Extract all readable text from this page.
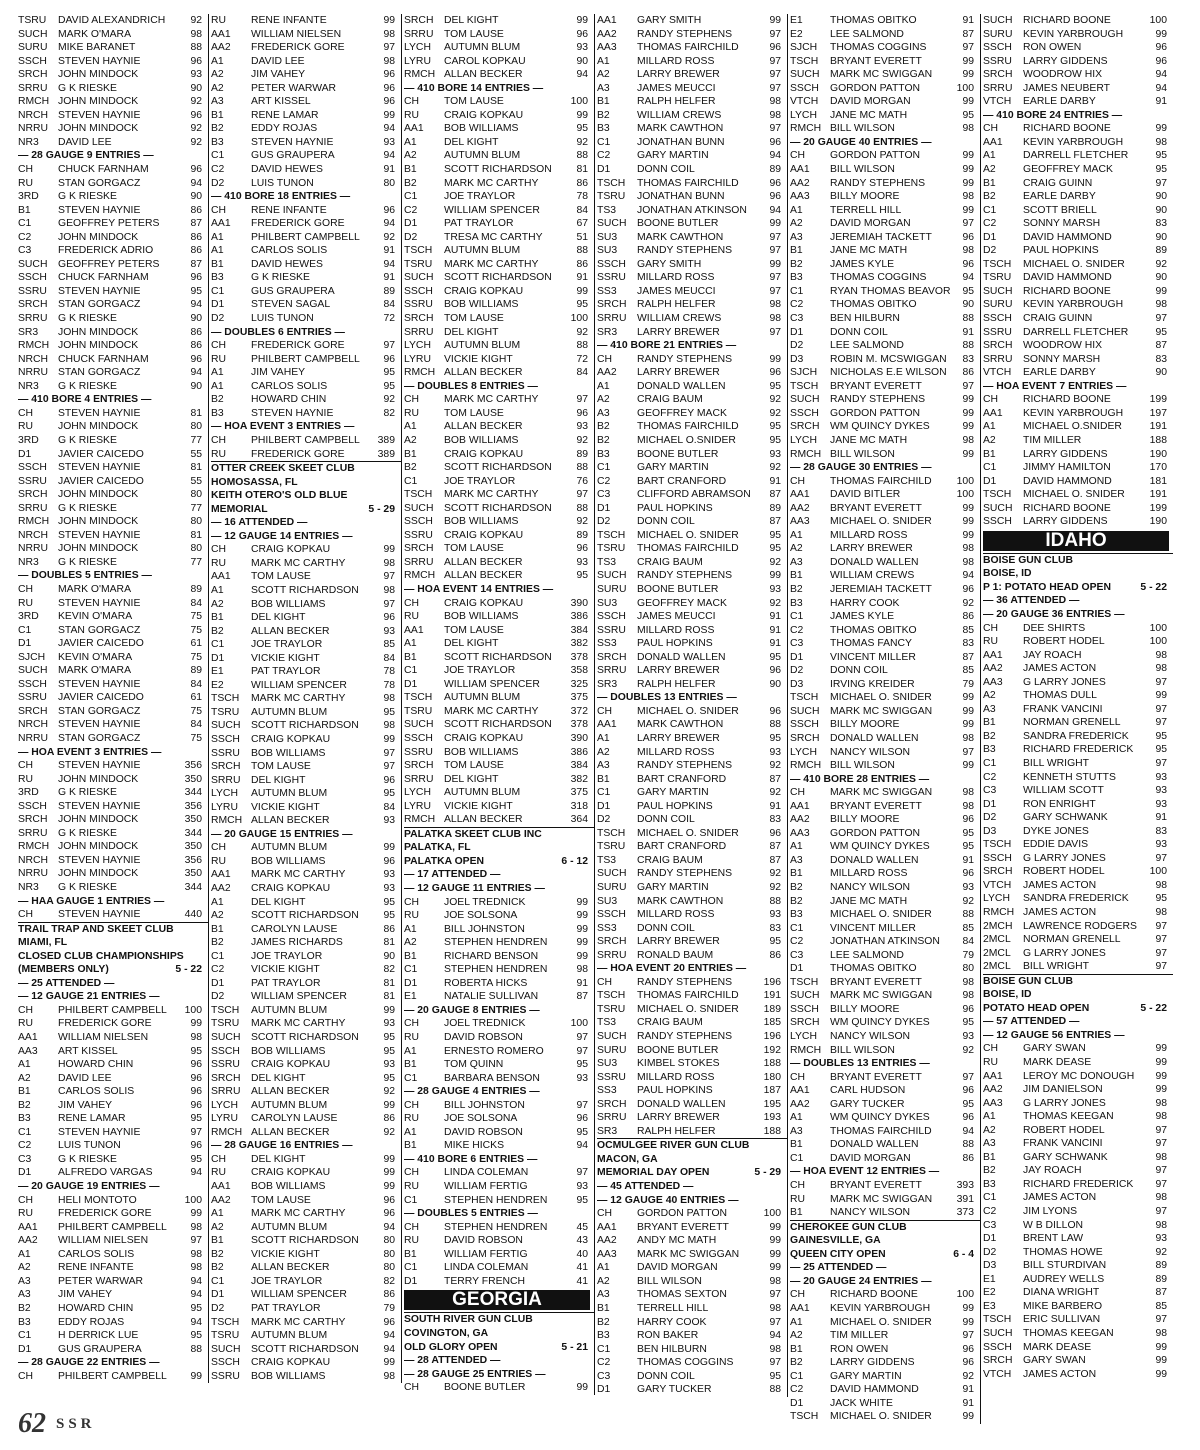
TSRU DAVID ALEXANDRICH 92
SUCH MARK O'MARA	98
SURU MIKE BARANET	88
SSCH STEVEN HAYNIE	96
SRCH JOHN MINDOCK	93
SRRU G K RIESKE	90
RMCH JOHN MINDOCK	92
NRCH STEVEN HAYNIE	96
NRRU JOHN MINDOCK	92
NR3 DAVID LEE	92
— 28 GAUGE 9 ENTRIES —
CH CHUCK FARNHAM	96
RU STAN GORGACZ	94
3RD G K RIESKE	90
B1	STEVEN HAYNIE	86
C1	GEOFFREY PETERS	87
C2	JOHN MINDOCK	86
C3	FREDERICK ADRIO	86
SUCH GEOFFREY PETERS	87
SSCH CHUCK FARNHAM	96
SSRU STEVEN HAYNIE	95
SRCH STAN GORGACZ	94
SRRU G K RIESKE	90
SR3 JOHN MINDOCK	86
RMCH JOHN MINDOCK	86
NRCH CHUCK FARNHAM	96
NRRU STAN GORGACZ	94
NR3 G K RIESKE	90
— 410 BORE 4 ENTRIES —
CH STEVEN HAYNIE	81
RU JOHN MINDOCK	80
3RD G K RIESKE	77
D1	JAVIER CAICEDO	55
SSCH STEVEN HAYNIE	81
SSRU JAVIER CAICEDO	55
SRCH JOHN MINDOCK	80
SRRU G K RIESKE	77
RMCH JOHN MINDOCK	80
NRCH STEVEN HAYNIE	81
NRRU JOHN MINDOCK	80
NR3 G K RIESKE	77
— DOUBLES 5 ENTRIES —
CH MARK O'MARA	89
RU STEVEN HAYNIE	84
3RD KEVIN O'MARA	75
C1	STAN GORGACZ	75
D1	JAVIER CAICEDO	61
SJCH KEVIN O'MARA	75
SUCH MARK O'MARA	89
SSCH STEVEN HAYNIE	84
SSRU JAVIER CAICEDO	61
SRCH STAN GORGACZ	75
NRCH STEVEN HAYNIE	84
NRRU STAN GORGACZ	75
— HOA EVENT 3 ENTRIES —
CH STEVEN HAYNIE	356
RU JOHN MINDOCK	350
3RD G K RIESKE	344
SSCH STEVEN HAYNIE	356
SRCH JOHN MINDOCK	350
SRRU G K RIESKE	344
RMCH JOHN MINDOCK	350
NRCH STEVEN HAYNIE	356
NRRU JOHN MINDOCK	350
NR3 G K RIESKE	344
— HAA GAUGE 1 ENTRIES —
CH STEVEN HAYNIE	440
TRAIL TRAP AND SKEET CLUB
MIAMI, FL
CLOSED CLUB CHAMPIONSHIPS
(MEMBERS ONLY)	5 - 22
— 25 ATTENDED —
— 12 GAUGE 21 ENTRIES —
CH PHILBERT CAMPBELL 100
RU FREDERICK GORE	99
AA1 WILLIAM NIELSEN	98
AA3 ART KISSEL	95
A1	HOWARD CHIN	96
A2	DAVID LEE	96
B1	CARLOS SOLIS	96
B2	JIM VAHEY	96
B3	RENE LAMAR	95
C1	STEVEN HAYNIE	97
C2	LUIS TUNON	96
C3	G K RIESKE	95
D1	ALFREDO VARGAS	94
— 20 GAUGE 19 ENTRIES —
CH HELI MONTOTO	100
RU FREDERICK GORE	99
AA1 PHILBERT CAMPBELL 98
AA2 WILLIAM NIELSEN	97
A1	CARLOS SOLIS	98
A2	RENE INFANTE	98
A3	PETER WARWAR	94
A3	JIM VAHEY	94
B2	HOWARD CHIN	95
B3	EDDY ROJAS	94
C1	H DERRICK LUE	95
D1	GUS GRAUPERA	88
— 28 GAUGE 22 ENTRIES —
CH PHILBERT CAMPBELL 99
RU RENE INFANTE	99
AA1 WILLIAM NIELSEN	98
AA2 FREDERICK GORE	97
A1	DAVID LEE	98
A2	JIM VAHEY	96
A2	PETER WARWAR	96
A3	ART KISSEL	96
B1	RENE LAMAR	99
B2	EDDY ROJAS	94
B3	STEVEN HAYNIE	93
C1	GUS GRAUPERA	94
C2	DAVID HEWES	91
D2	LUIS TUNON	80
— 410 BORE 18 ENTRIES —
CH RENE INFANTE	96
AA1 FREDERICK GORE	94
A1	PHILBERT CAMPBELL 92
A1	CARLOS SOLIS	91
B1	DAVID HEWES	94
B3	G K RIESKE	91
C1	GUS GRAUPERA	89
D1	STEVEN SAGAL	84
D2	LUIS TUNON	72
— DOUBLES 6 ENTRIES —
CH FREDERICK GORE	97
RU PHILBERT CAMPBELL 96
A1	JIM VAHEY	95
A1	CARLOS SOLIS	95
B2	HOWARD CHIN	92
B3	STEVEN HAYNIE	82
— HOA EVENT 3 ENTRIES —
CH PHILBERT CAMPBELL 389
RU FREDERICK GORE	389
OTTER CREEK SKEET CLUB
HOMOSASSA, FL
KEITH OTERO'S OLD BLUE
MEMORIAL	5 - 29
— 16 ATTENDED —
— 12 GAUGE 14 ENTRIES —
CH CRAIG KOPKAU	99
RU MARK MC CARTHY	98
AA1 TOM LAUSE	97
A1	SCOTT RICHARDSON 98
A2	BOB WILLIAMS	97
B1	DEL KIGHT	96
B2	ALLAN BECKER	93
C1	JOE TRAYLOR	85
D1	VICKIE KIGHT	84
E1	PAT TRAYLOR	78
E2	WILLIAM SPENCER	78
TSCH MARK MC CARTHY	98
TSRU AUTUMN BLUM	95
SUCH SCOTT RICHARDSON 98
SSCH CRAIG KOPKAU	99
SSRU BOB WILLIAMS	97
SRCH TOM LAUSE	97
SRRU DEL KIGHT	96
LYCH AUTUMN BLUM	95
LYRU VICKIE KIGHT	84
RMCH ALLAN BECKER	93
— 20 GAUGE 15 ENTRIES —
CH AUTUMN BLUM	99
RU BOB WILLIAMS	96
AA1 MARK MC CARTHY	93
AA2 CRAIG KOPKAU	93
A1	DEL KIGHT	95
A2	SCOTT RICHARDSON 95
B1	CAROLYN LAUSE	86
B2	JAMES RICHARDS	81
C1	JOE TRAYLOR	90
C2	VICKIE KIGHT	82
D1	PAT TRAYLOR	81
D2	WILLIAM SPENCER	81
TSCH AUTUMN BLUM	99
TSRU MARK MC CARTHY	93
SUCH SCOTT RICHARDSON 95
SSCH BOB WILLIAMS	95
SSRU CRAIG KOPKAU	93
SRCH DEL KIGHT	95
SRRU ALLAN BECKER	92
LYCH AUTUMN BLUM	99
LYRU CAROLYN LAUSE	86
RMCH ALLAN BECKER	92
— 28 GAUGE 16 ENTRIES —
CH DEL KIGHT	99
RU CRAIG KOPKAU	99
AA1 BOB WILLIAMS	99
AA2 TOM LAUSE	96
A1	MARK MC CARTHY	96
A2	AUTUMN BLUM	94
B1	SCOTT RICHARDSON 80
B2	VICKIE KIGHT	80
B2	ALLAN BECKER	80
C1	JOE TRAYLOR	82
D1	WILLIAM SPENCER	86
D2	PAT TRAYLOR	79
TSCH MARK MC CARTHY	96
TSRU AUTUMN BLUM	94
SUCH SCOTT RICHARDSON 94
SSCH CRAIG KOPKAU	99
SSRU BOB WILLIAMS	98
SRCH DEL KIGHT	99
SRRU TOM LAUSE	96
LYCH AUTUMN BLUM	93
LYRU CAROL KOPKAU	90
RMCH ALLAN BECKER	94
— 410 BORE 14 ENTRIES —
CH TOM LAUSE	100
RU CRAIG KOPKAU	99
AA1 BOB WILLIAMS	95
A1	DEL KIGHT	92
A2	AUTUMN BLUM	88
B1	SCOTT RICHARDSON 81
B2	MARK MC CARTHY	86
C1	JOE TRAYLOR	78
C2	WILLIAM SPENCER	84
D1	PAT TRAYLOR	67
D2	TRESA MC CARTHY	51
TSCH AUTUMN BLUM	88
TSRU MARK MC CARTHY	86
SUCH SCOTT RICHARDSON 91
SSCH CRAIG KOPKAU	99
SSRU BOB WILLIAMS	95
SRCH TOM LAUSE	100
SRRU DEL KIGHT	92
LYCH AUTUMN BLUM	88
LYRU VICKIE KIGHT	72
RMCH ALLAN BECKER	84
— DOUBLES 8 ENTRIES —
CH MARK MC CARTHY	97
RU TOM LAUSE	96
A1	ALLAN BECKER	93
A2	BOB WILLIAMS	92
B1	CRAIG KOPKAU	89
B2	SCOTT RICHARDSON 88
C1	JOE TRAYLOR	76
TSCH MARK MC CARTHY	97
SUCH SCOTT RICHARDSON 88
SSCH BOB WILLIAMS	92
SSRU CRAIG KOPKAU	89
SRCH TOM LAUSE	96
SRRU ALLAN BECKER	93
RMCH ALLAN BECKER	95
— HOA EVENT 14 ENTRIES —
CH CRAIG KOPKAU	390
RU BOB WILLIAMS	386
AA1 TOM LAUSE	384
A1	DEL KIGHT	382
B1	SCOTT RICHARDSON 378
C1	JOE TRAYLOR	358
D1	WILLIAM SPENCER	325
TSCH AUTUMN BLUM	375
TSRU MARK MC CARTHY	372
SUCH SCOTT RICHARDSON 378
SSCH CRAIG KOPKAU	390
SSRU BOB WILLIAMS	386
SRCH TOM LAUSE	384
SRRU DEL KIGHT	382
LYCH AUTUMN BLUM	375
LYRU VICKIE KIGHT	318
RMCH ALLAN BECKER	364
PALATKA SKEET CLUB INC
PALATKA, FL
PALATKA OPEN	6 - 12
— 17 ATTENDED —
— 12 GAUGE 11 ENTRIES —
CH JOEL TREDNICK	99
RU JOE SOLSONA	99
A1	BILL JOHNSTON	99
A2	STEPHEN HENDREN	99
B1	RICHARD BENSON	99
C1	STEPHEN HENDREN	98
D1	ROBERTA HICKS	91
E1	NATALIE SULLIVAN	87
— 20 GAUGE 8 ENTRIES —
CH JOEL TREDNICK	100
RU DAVID ROBSON	97
A1	ERNESTO ROMERO	97
B1	TOM QUINN	95
C1	BARBARA BENSON	93
— 28 GAUGE 4 ENTRIES —
CH BILL JOHNSTON	97
RU JOE SOLSONA	96
A1	DAVID ROBSON	95
B1	MIKE HICKS	94
— 410 BORE 6 ENTRIES —
CH LINDA COLEMAN	97
RU WILLIAM FERTIG	93
C1	STEPHEN HENDREN	95
— DOUBLES 5 ENTRIES —
CH STEPHEN HENDREN	45
RU DAVID ROBSON	43
B1	WILLIAM FERTIG	40
C1	LINDA COLEMAN	41
D1	TERRY FRENCH	41
GEORGIA
SOUTH RIVER GUN CLUB
COVINGTON, GA
OLD GLORY OPEN	5 - 21
— 28 ATTENDED —
— 28 GAUGE 25 ENTRIES —
CH BOONE BUTLER	99
AA1 GARY SMITH	99
AA2 RANDY STEPHENS	97
AA3 THOMAS FAIRCHILD	96
A1	MILLARD ROSS	97
A2	LARRY BREWER	97
A3	JAMES MEUCCI	97
B1	RALPH HELFER	98
B2	WILLIAM CREWS	98
B3	MARK CAWTHON	97
C1	JONATHAN BUNN	96
C2	GARY MARTIN	94
D1	DONN COIL	89
TSCH THOMAS FAIRCHILD	96
TSRU JONATHAN BUNN	96
TS3 JONATHAN ATKINSON 94
SUCH BOONE BUTLER	99
SU3 MARK CAWTHON	97
SU3 RANDY STEPHENS	97
SSCH GARY SMITH	99
SSRU MILLARD ROSS	97
SS3 JAMES MEUCCI	97
SRCH RALPH HELFER	98
SRRU WILLIAM CREWS	98
SR3 LARRY BREWER	97
— 410 BORE 21 ENTRIES —
CH RANDY STEPHENS	99
AA2 LARRY BREWER	96
A1	DONALD WALLEN	95
A2	CRAIG BAUM	92
A3	GEOFFREY MACK	92
B2	THOMAS FAIRCHILD	95
B2	MICHAEL O.SNIDER	95
B3	BOONE BUTLER	93
C1	GARY MARTIN	92
C2	BART CRANFORD	91
C3	CLIFFORD ABRAMSON 87
D1	PAUL HOPKINS	89
D2	DONN COIL	87
TSCH MICHAEL O. SNIDER	95
TSRU THOMAS FAIRCHILD	95
TS3 CRAIG BAUM	92
SUCH RANDY STEPHENS	99
SURU BOONE BUTLER	93
SU3 GEOFFREY MACK	92
SSCH JAMES MEUCCI	91
SSRU MILLARD ROSS	91
SS3 PAUL HOPKINS	91
SRCH DONALD WALLEN	95
SRRU LARRY BREWER	96
SR3 RALPH HELFER	90
— DOUBLES 13 ENTRIES —
CH MICHAEL O. SNIDER	96
AA1 MARK CAWTHON	88
A1	LARRY BREWER	95
A2	MILLARD ROSS	93
A3	RANDY STEPHENS	92
B1	BART CRANFORD	87
C1	GARY MARTIN	92
D1	PAUL HOPKINS	91
D2	DONN COIL	83
TSCH MICHAEL O. SNIDER	96
TSRU BART CRANFORD	87
TS3 CRAIG BAUM	87
SUCH RANDY STEPHENS	92
SURU GARY MARTIN	92
SU3 MARK CAWTHON	88
SSCH MILLARD ROSS	93
SS3 DONN COIL	83
SRCH LARRY BREWER	95
SRRU RONALD BAUM	86
— HOA EVENT 20 ENTRIES —
CH RANDY STEPHENS	196
TSCH THOMAS FAIRCHILD 191
TSRU MICHAEL O. SNIDER 189
TS3 CRAIG BAUM	185
SUCH RANDY STEPHENS	196
SURU BOONE BUTLER	192
SU3 KIMBEL STOKES	188
SSRU MILLARD ROSS	180
SS3 PAUL HOPKINS	187
SRCH DONALD WALLEN	195
SRRU LARRY BREWER	193
SR3 RALPH HELFER	188
OCMULGEE RIVER GUN CLUB
MACON, GA
MEMORIAL DAY OPEN	5 - 29
— 45 ATTENDED —
— 12 GAUGE 40 ENTRIES —
CH GORDON PATTON	100
AA1 BRYANT EVERETT	99
AA2 ANDY MC MATH	99
AA3 MARK MC SWIGGAN	99
A1	DAVID MORGAN	99
A2	BILL WILSON	98
A3	THOMAS SEXTON	97
B1	TERRELL HILL	98
B2	HARRY COOK	97
B3	RON BAKER	94
C1	BEN HILBURN	98
C2	THOMAS COGGINS	97
C3	DONN COIL	95
D1	GARY TUCKER	88
E1	THOMAS OBITKO	91
E2	LEE SALMOND	87
SJCH THOMAS COGGINS	97
TSCH BRYANT EVERETT	99
SUCH MARK MC SWIGGAN	99
SSCH GORDON PATTON	100
VTCH DAVID MORGAN	99
LYCH JANE MC MATH	95
RMCH BILL WILSON	98
— 20 GAUGE 40 ENTRIES —
CH GORDON PATTON	99
AA1 BILL WILSON	99
AA2 RANDY STEPHENS	99
AA3 BILLY MOORE	98
A1	TERRELL HILL	99
A2	DAVID MORGAN	97
A3	JEREMIAH TACKETT	96
B1	JANE MC MATH	98
B2	JAMES KYLE	96
B3	THOMAS COGGINS	94
C1	RYAN THOMAS BEAVOR 95
C2	THOMAS OBITKO	90
C3	BEN HILBURN	88
D1	DONN COIL	91
D2	LEE SALMOND	88
D3	ROBIN M. MCSWIGGAN 83
SJCH NICHOLAS E.E WILSON 86
TSCH BRYANT EVERETT	97
SUCH RANDY STEPHENS	99
SSCH GORDON PATTON	99
SRCH WM QUINCY DYKES	99
LYCH JANE MC MATH	98
RMCH BILL WILSON	99
— 28 GAUGE 30 ENTRIES —
CH THOMAS FAIRCHILD 100
AA1 DAVID BITLER	100
AA2 BRYANT EVERETT	99
AA3 MICHAEL O. SNIDER	99
A1	MILLARD ROSS	99
A2	LARRY BREWER	98
A3	DONALD WALLEN	98
B1	WILLIAM CREWS	94
B2	JEREMIAH TACKETT	96
B3	HARRY COOK	92
C1	JAMES KYLE	86
C2	THOMAS OBITKO	85
C3	THOMAS FANCY	83
D1	VINCENT MILLER	87
D2	DONN COIL	85
D3	IRVING KREIDER	79
TSCH MICHAEL O. SNIDER	99
SUCH MARK MC SWIGGAN	99
SSCH BILLY MOORE	99
SRCH DONALD WALLEN	98
LYCH NANCY WILSON	97
RMCH BILL WILSON	99
— 410 BORE 28 ENTRIES —
CH MARK MC SWIGGAN	98
AA1 BRYANT EVERETT	98
AA2 BILLY MOORE	96
AA3 GORDON PATTON	95
A1	WM QUINCY DYKES	95
A3	DONALD WALLEN	91
B1	MILLARD ROSS	96
B2	NANCY WILSON	93
B2	JANE MC MATH	92
B3	MICHAEL O. SNIDER	88
C1	VINCENT MILLER	85
C2	JONATHAN ATKINSON 84
C3	LEE SALMOND	79
D1	THOMAS OBITKO	80
TSCH BRYANT EVERETT	98
SUCH MARK MC SWIGGAN	98
SSCH BILLY MOORE	96
SRCH WM QUINCY DYKES	95
LYCH NANCY WILSON	93
RMCH BILL WILSON	92
— DOUBLES 13 ENTRIES —
CH BRYANT EVERETT	97
AA1 CARL HUDSON	96
AA2 GARY TUCKER	95
A1	WM QUINCY DYKES	96
A3	THOMAS FAIRCHILD	94
B1	DONALD WALLEN	88
C1	DAVID MORGAN	86
— HOA EVENT 12 ENTRIES —
CH BRYANT EVERETT	393
RU MARK MC SWIGGAN 391
B1	NANCY WILSON	373
CHEROKEE GUN CLUB
GAINESVILLE, GA
QUEEN CITY OPEN	6 - 4
— 25 ATTENDED —
— 20 GAUGE 24 ENTRIES —
CH RICHARD BOONE	100
AA1 KEVIN YARBROUGH	99
A1	MICHAEL O. SNIDER	99
A2	TIM MILLER	97
B1	RON OWEN	96
B2	LARRY GIDDENS	96
C1	GARY MARTIN	92
C2	DAVID HAMMOND	91
D1	JACK WHITE	91
TSCH MICHAEL O. SNIDER	99
SUCH RICHARD BOONE	100
SURU KEVIN YARBROUGH	99
SSCH RON OWEN	96
SSRU LARRY GIDDENS	96
SRCH WOODROW HIX	94
SRRU JAMES NEUBERT	94
VTCH EARLE DARBY	91
— 410 BORE 24 ENTRIES —
CH RICHARD BOONE	99
AA1 KEVIN YARBROUGH	98
A1	DARRELL FLETCHER	95
A2	GEOFFREY MACK	95
B1	CRAIG GUINN	97
B2	EARLE DARBY	90
C1	SCOTT BRIELL	90
C2	SONNY MARSH	83
D1	DAVID HAMMOND	90
D2	PAUL HOPKINS	89
TSCH MICHAEL O. SNIDER	92
TSRU DAVID HAMMOND	90
SUCH RICHARD BOONE	99
SURU KEVIN YARBROUGH	98
SSCH CRAIG GUINN	97
SSRU DARRELL FLETCHER	95
SRCH WOODROW HIX	87
SRRU SONNY MARSH	83
VTCH EARLE DARBY	90
— HOA EVENT 7 ENTRIES —
CH RICHARD BOONE	199
AA1 KEVIN YARBROUGH	197
A1	MICHAEL O.SNIDER	191
A2	TIM MILLER	188
B1	LARRY GIDDENS	190
C1	JIMMY HAMILTON	170
D1	DAVID HAMMOND	181
TSCH MICHAEL O. SNIDER 191
SUCH RICHARD BOONE	199
SSCH LARRY GIDDENS	190
IDAHO
BOISE GUN CLUB
BOISE, ID
P 1: POTATO HEAD OPEN	5 - 22
— 36 ATTENDED —
— 20 GAUGE 36 ENTRIES —
CH DEE SHIRTS	100
RU ROBERT HODEL	100
AA1 JAY ROACH	98
AA2 JAMES ACTON	98
AA3 G LARRY JONES	97
A2	THOMAS DULL	99
A3	FRANK VANCINI	97
B1	NORMAN GRENELL	97
B2	SANDRA FREDERICK	95
B3	RICHARD FREDERICK 95
C1	BILL WRIGHT	97
C2	KENNETH STUTTS	93
C3	WILLIAM SCOTT	93
D1	RON ENRIGHT	93
D2	GARY SCHWANK	91
D3	DYKE JONES	83
TSCH EDDIE DAVIS	93
SSCH G LARRY JONES	97
SRCH ROBERT HODEL	100
VTCH JAMES ACTON	98
LYCH SANDRA FREDERICK	95
RMCH JAMES ACTON	98
2MCH LAWRENCE RODGERS 97
2MCL NORMAN GRENELL	97
2MCL G LARRY JONES	97
2MCL BILL WRIGHT	97
BOISE GUN CLUB
BOISE, ID
POTATO HEAD OPEN	5 - 22
— 57 ATTENDED —
— 12 GAUGE 56 ENTRIES —
CH GARY SWAN	99
RU MARK DEASE	99
AA1 LEROY MC DONOUGH 99
AA2 JIM DANIELSON	99
AA3 G LARRY JONES	98
A1	THOMAS KEEGAN	98
A2	ROBERT HODEL	97
A3	FRANK VANCINI	97
B1	GARY SCHWANK	98
B2	JAY ROACH	97
B3	RICHARD FREDERICK 97
C1	JAMES ACTON	98
C2	JIM LYONS	97
C3	W B DILLON	98
D1	BRENT LAW	93
D2	THOMAS HOWE	92
D3	BILL STURDIVAN	89
E1	AUDREY WELLS	89
E2	DIANA WRIGHT	87
E3	MIKE BARBERO	85
TSCH ERIC SULLIVAN	97
SUCH THOMAS KEEGAN	98
SSCH MARK DEASE	99
SRCH GARY SWAN	99
VTCH JAMES ACTON	99
62 SSR
